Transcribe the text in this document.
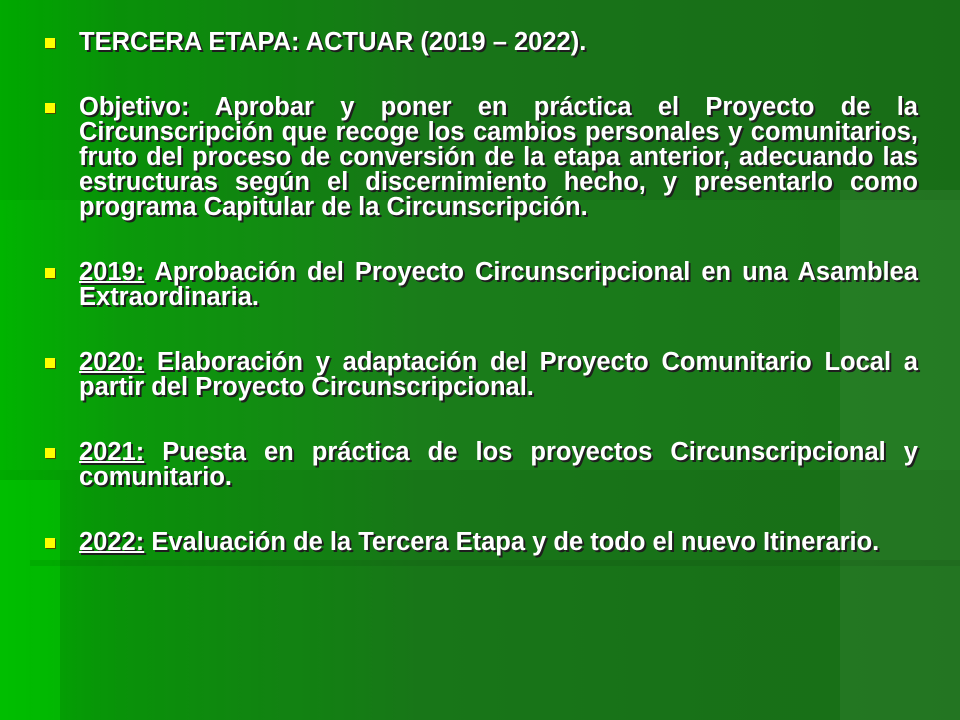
TERCERA ETAPA: ACTUAR (2019 – 2022).
Objetivo: Aprobar y poner en práctica el Proyecto de la Circunscripción que recoge los cambios personales y comunitarios, fruto del proceso de conversión de la etapa anterior, adecuando las estructuras según el discernimiento hecho, y presentarlo como programa Capitular de la Circunscripción.
2019: Aprobación del Proyecto Circunscripcional en una Asamblea Extraordinaria.
2020: Elaboración y adaptación del Proyecto Comunitario Local a partir del Proyecto Circunscripcional.
2021: Puesta en práctica de los proyectos Circunscripcional y comunitario.
2022: Evaluación de la Tercera Etapa y de todo el nuevo Itinerario.
